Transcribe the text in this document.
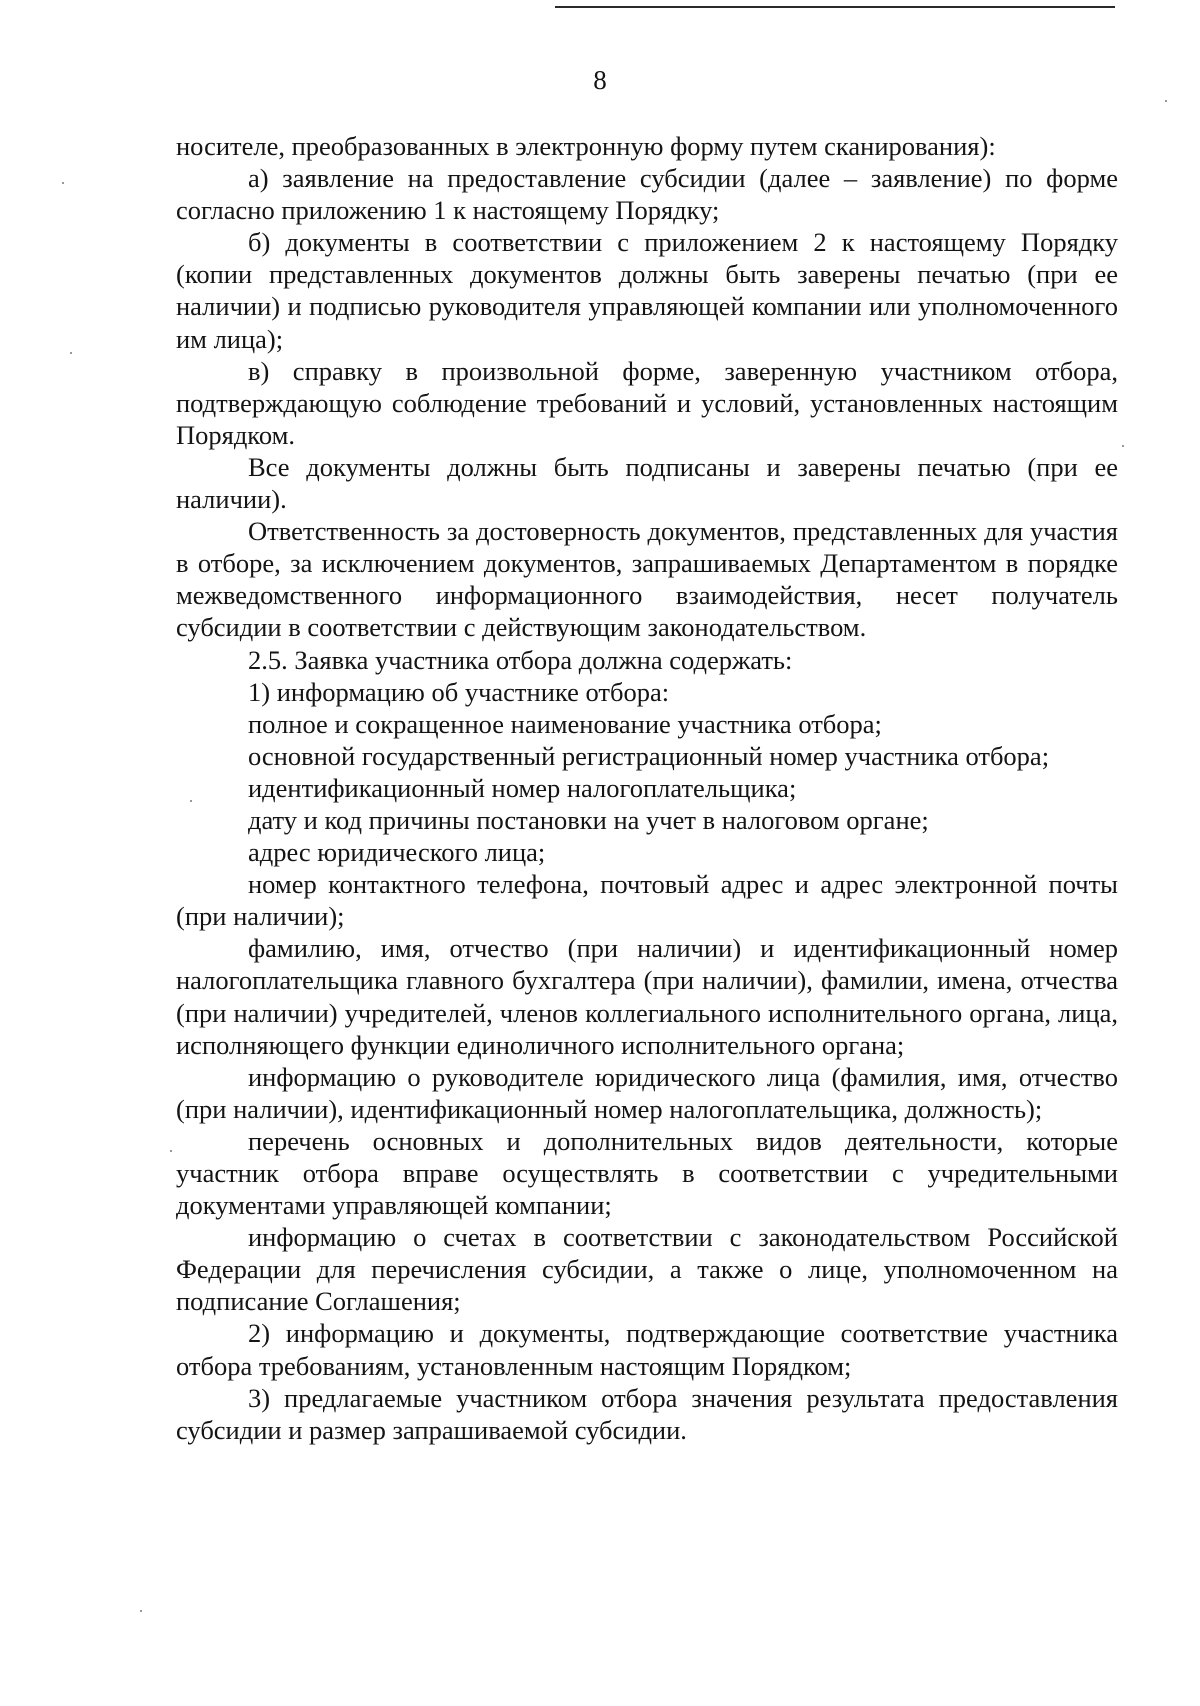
8

носителе, преобразованных в электронную форму путем сканирования):

а) заявление на предоставление субсидии (далее – заявление) по форме согласно приложению 1 к настоящему Порядку;

б) документы в соответствии с приложением 2 к настоящему Порядку (копии представленных документов должны быть заверены печатью (при ее наличии) и подписью руководителя управляющей компании или уполномоченного им лица);

в) справку в произвольной форме, заверенную участником отбора, подтверждающую соблюдение требований и условий, установленных настоящим Порядком.

Все документы должны быть подписаны и заверены печатью (при ее наличии).

Ответственность за достоверность документов, представленных для участия в отборе, за исключением документов, запрашиваемых Департаментом в порядке межведомственного информационного взаимодействия, несет получатель субсидии в соответствии с действующим законодательством.

2.5. Заявка участника отбора должна содержать:

1) информацию об участнике отбора:

полное и сокращенное наименование участника отбора;

основной государственный регистрационный номер участника отбора;

идентификационный номер налогоплательщика;

дату и код причины постановки на учет в налоговом органе;

адрес юридического лица;

номер контактного телефона, почтовый адрес и адрес электронной почты (при наличии);

фамилию, имя, отчество (при наличии) и идентификационный номер налогоплательщика главного бухгалтера (при наличии), фамилии, имена, отчества (при наличии) учредителей, членов коллегиального исполнительного органа, лица, исполняющего функции единоличного исполнительного органа;

информацию о руководителе юридического лица (фамилия, имя, отчество (при наличии), идентификационный номер налогоплательщика, должность);

перечень основных и дополнительных видов деятельности, которые участник отбора вправе осуществлять в соответствии с учредительными документами управляющей компании;

информацию о счетах в соответствии с законодательством Российской Федерации для перечисления субсидии, а также о лице, уполномоченном на подписание Соглашения;

2) информацию и документы, подтверждающие соответствие участника отбора требованиям, установленным настоящим Порядком;

3) предлагаемые участником отбора значения результата предоставления субсидии и размер запрашиваемой субсидии.
